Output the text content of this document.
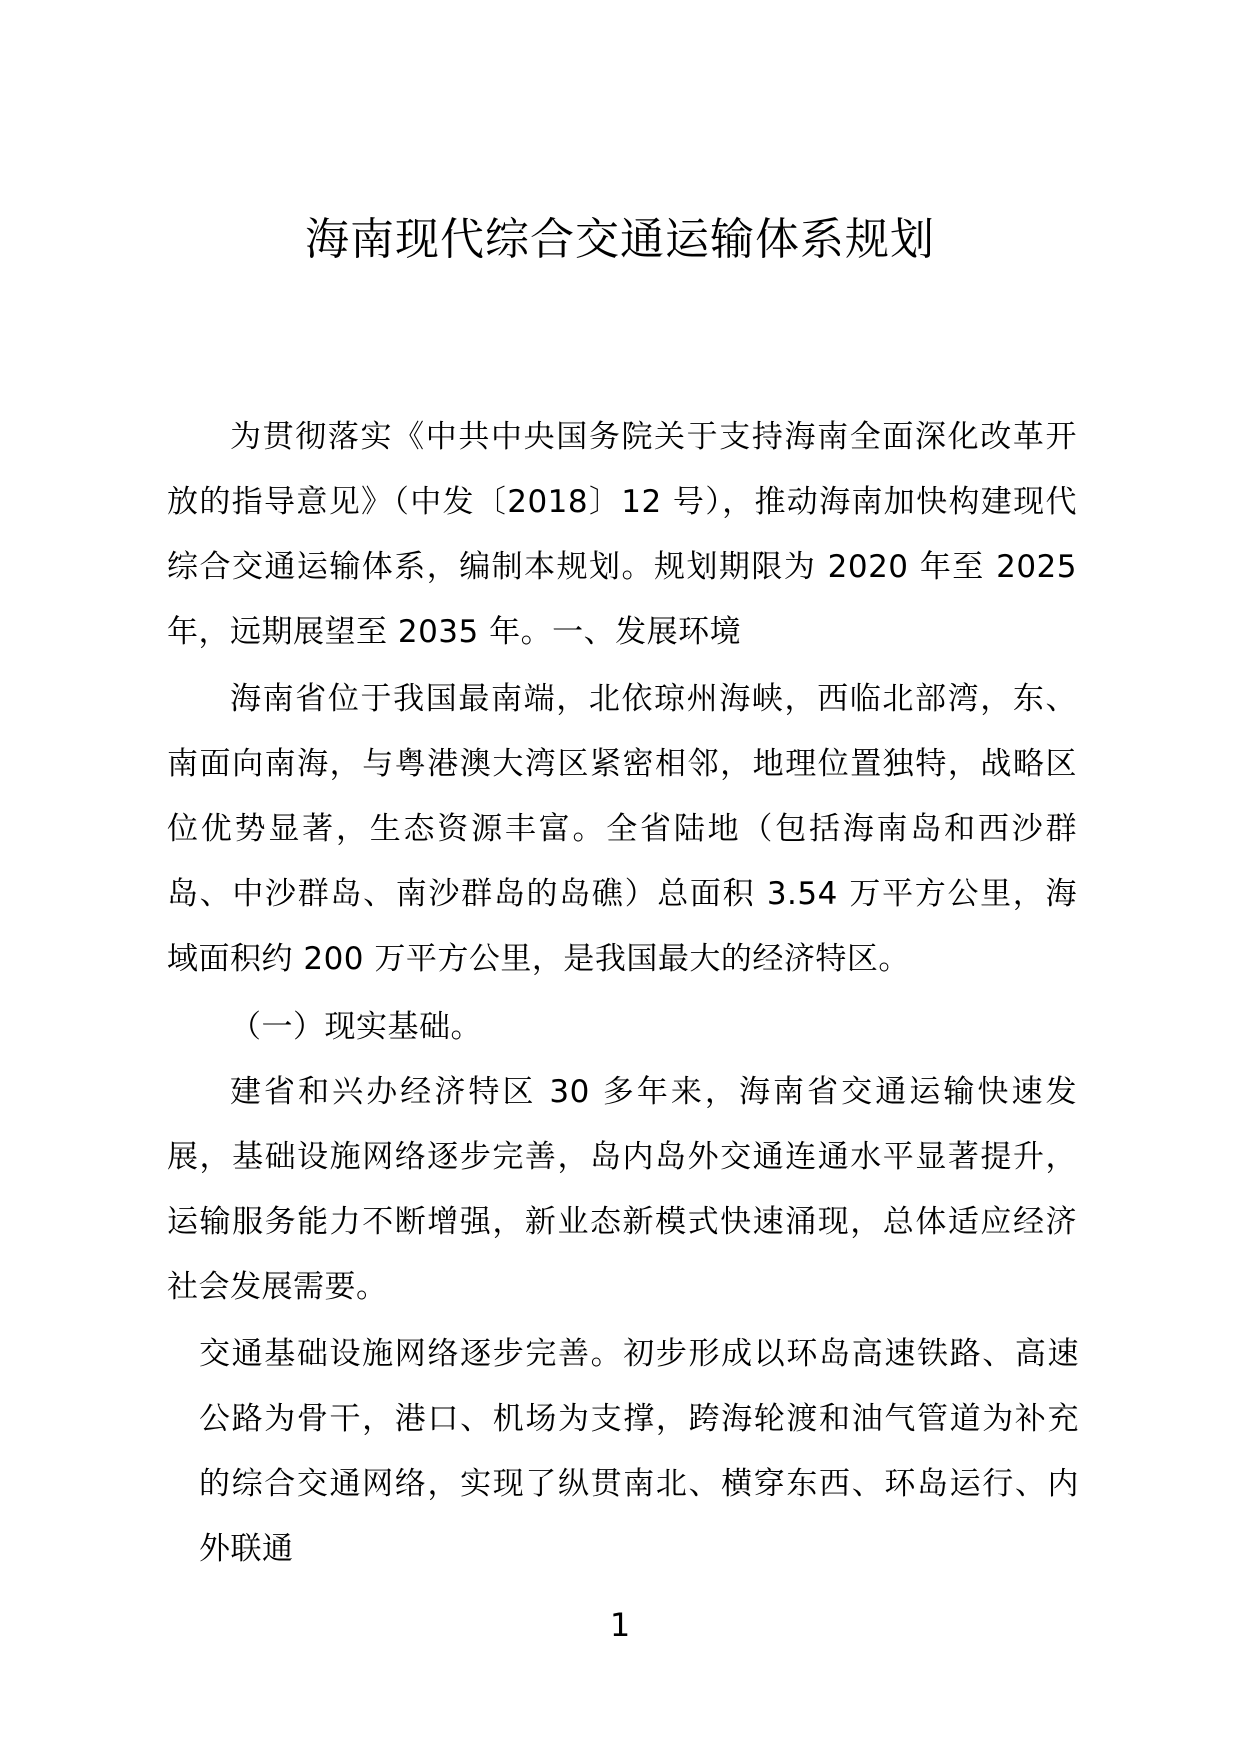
海南现代综合交通运输体系规划

为贯彻落实《中共中央国务院关于支持海南全面深化改革开放的指导意见》（中发〔2018〕12 号），推动海南加快构建现代综合交通运输体系，编制本规划。规划期限为 2020 年至 2025 年，远期展望至 2035 年。一、发展环境

海南省位于我国最南端，北依琼州海峡，西临北部湾，东、南面向南海，与粤港澳大湾区紧密相邻，地理位置独特，战略区位优势显著，生态资源丰富。全省陆地（包括海南岛和西沙群岛、中沙群岛、南沙群岛的岛礁）总面积 3.54 万平方公里，海域面积约 200 万平方公里，是我国最大的经济特区。

（一）现实基础。

建省和兴办经济特区 30 多年来，海南省交通运输快速发展，基础设施网络逐步完善，岛内岛外交通连通水平显著提升，运输服务能力不断增强，新业态新模式快速涌现，总体适应经济社会发展需要。

交通基础设施网络逐步完善。初步形成以环岛高速铁路、高速公路为骨干，港口、机场为支撑，跨海轮渡和油气管道为补充的综合交通网络，实现了纵贯南北、横穿东西、环岛运行、内外联通

1
